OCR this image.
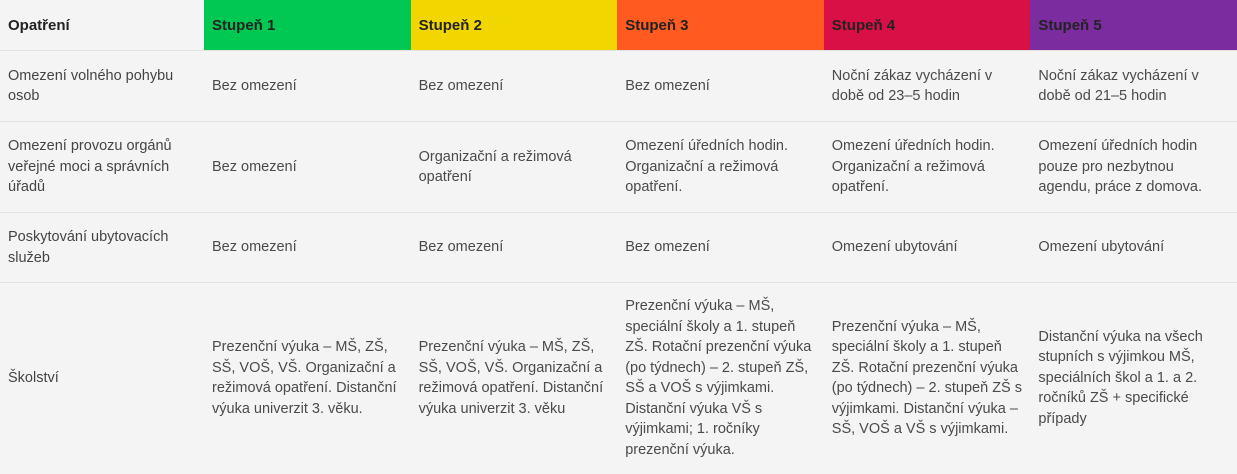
Opatření	Stupeň 1	Stupeň 2	Stupeň 3	Stupeň 4	Stupeň 5
Omezení volného pohybu osob	Bez omezení	Bez omezení	Bez omezení	Noční zákaz vycházení v době od 23–5 hodin	Noční zákaz vycházení v době od 21–5 hodin
Omezení provozu orgánů veřejné moci a správních úřadů	Bez omezení	Organizační a režimová opatření	Omezení úředních hodin. Organizační a režimová opatření.	Omezení úředních hodin. Organizační a režimová opatření.	Omezení úředních hodin pouze pro nezbytnou agendu, práce z domova.
Poskytování ubytovacích služeb	Bez omezení	Bez omezení	Bez omezení	Omezení ubytování	Omezení ubytování
Školství	Prezenční výuka – MŠ, ZŠ, SŠ, VOŠ, VŠ. Organizační a režimová opatření. Distanční výuka univerzit 3. věku.	Prezenční výuka – MŠ, ZŠ, SŠ, VOŠ, VŠ. Organizační a režimová opatření. Distanční výuka univerzit 3. věku	Prezenční výuka – MŠ, speciální školy a 1. stupeň ZŠ. Rotační prezenční výuka (po týdnech) – 2. stupeň ZŠ, SŠ a VOŠ s výjimkami. Distanční výuka VŠ s výjimkami; 1. ročníky prezenční výuka.	Prezenční výuka – MŠ, speciální školy a 1. stupeň ZŠ. Rotační prezenční výuka (po týdnech) – 2. stupeň ZŠ s výjimkami. Distanční výuka – SŠ, VOŠ a VŠ s výjimkami.	Distanční výuka na všech stupních s výjimkou MŠ, speciálních škol a 1. a 2. ročníků ZŠ + specifické případy
